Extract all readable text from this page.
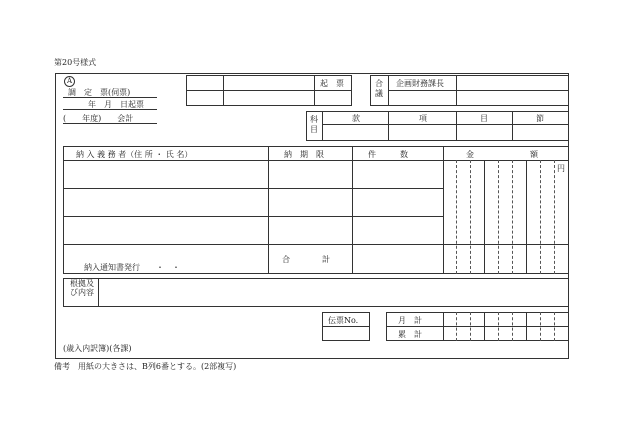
第20号様式
A
調　定　票(伺票)
年　月　日起票
(　　年度)　　会計
起　票	合議
企画財務課長
科目
款	項	目	節
納 入 義 務 者（住 所 ・ 氏 名）	納　期　限	件　　　数	金　　　　　　　額
円
納入通知書発行　　・　・
合　　　　計
根拠及び内容
伝票No.	月　計
累　計
(歳入内訳簿)(各課)
備考　用紙の大きさは、B列6番とする。(2部複写)
